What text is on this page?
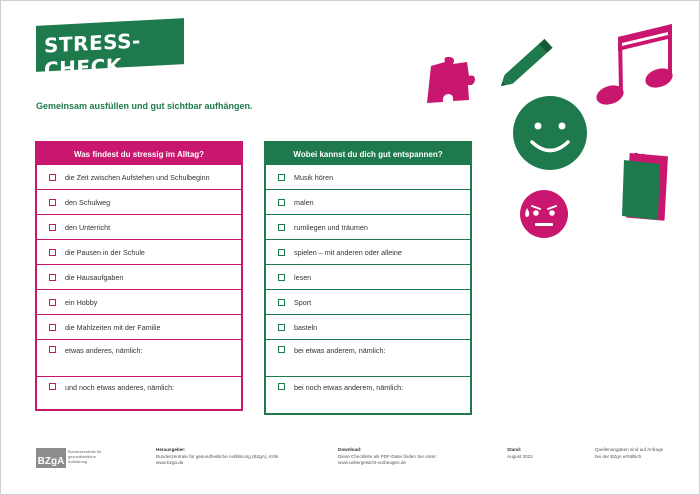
STRESS-CHECK
Gemeinsam ausfüllen und gut sichtbar aufhängen.
Was findest du stressig im Alltag?
die Zeit zwischen Aufstehen und Schulbeginn
den Schulweg
den Unterricht
die Pausen in der Schule
die Hausaufgaben
ein Hobby
die Mahlzeiten mit der Familie
etwas anderes, nämlich:
und noch etwas anderes, nämlich:
Wobei kannst du dich gut entspannen?
Musik hören
malen
rumliegen und träumen
spielen – mit anderen oder alleine
lesen
Sport
basteln
bei etwas anderem, nämlich:
bei noch etwas anderem, nämlich:
BZgA
Bundeszentrale für gesundheitliche Aufklärung
Herausgeber:
Bundeszentrale für gesundheitliche Aufklärung (BZgA), Köln
www.bzga.de
Download:
Diese Checkliste als PDF-Datei finden Sie unter:
www.uebergewicht-vorbeugen.de
Stand:
August 2022
Quellenangaben sind auf Anfrage
bei der BZgA erhältlich.
